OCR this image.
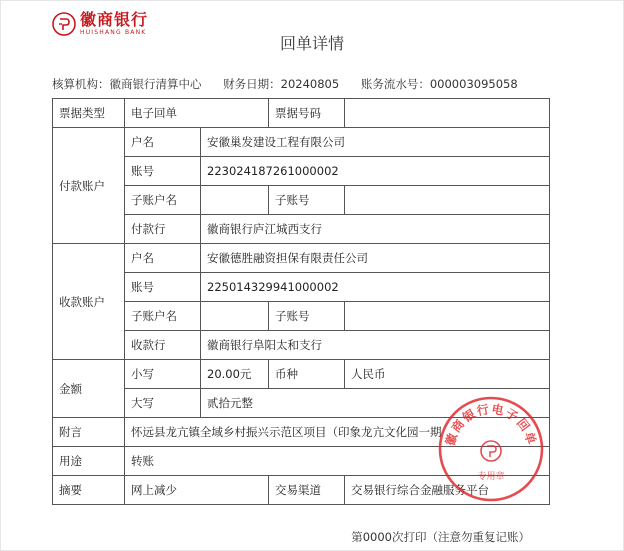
徽商银行
HUISHANG BANK
回单详情
核算机构：徽商银行清算中心 财务日期：20240805 账务流水号：000003095058
票据类型	电子回单		票据号码	
付款账户	户名	安徽巢发建设工程有限公司		
	账号	223024187261000002		
	子账户名		子账号	
	付款行	徽商银行庐江城西支行		
收款账户	户名	安徽德胜融资担保有限责任公司		
	账号	225014329941000002		
	子账户名		子账号	
	收款行	徽商银行阜阳太和支行		
金额	小写	20.00元	币种	人民币
	大写	贰拾元整		
附言	怀远县龙亢镇全域乡村振兴示范区项目（印象龙亢文化园一期			
用途	转账			
摘要	网上减少		交易渠道	交易银行综合金融服务平台
徽商银行电子回单
专用章
第0000次打印（注意勿重复记账）
